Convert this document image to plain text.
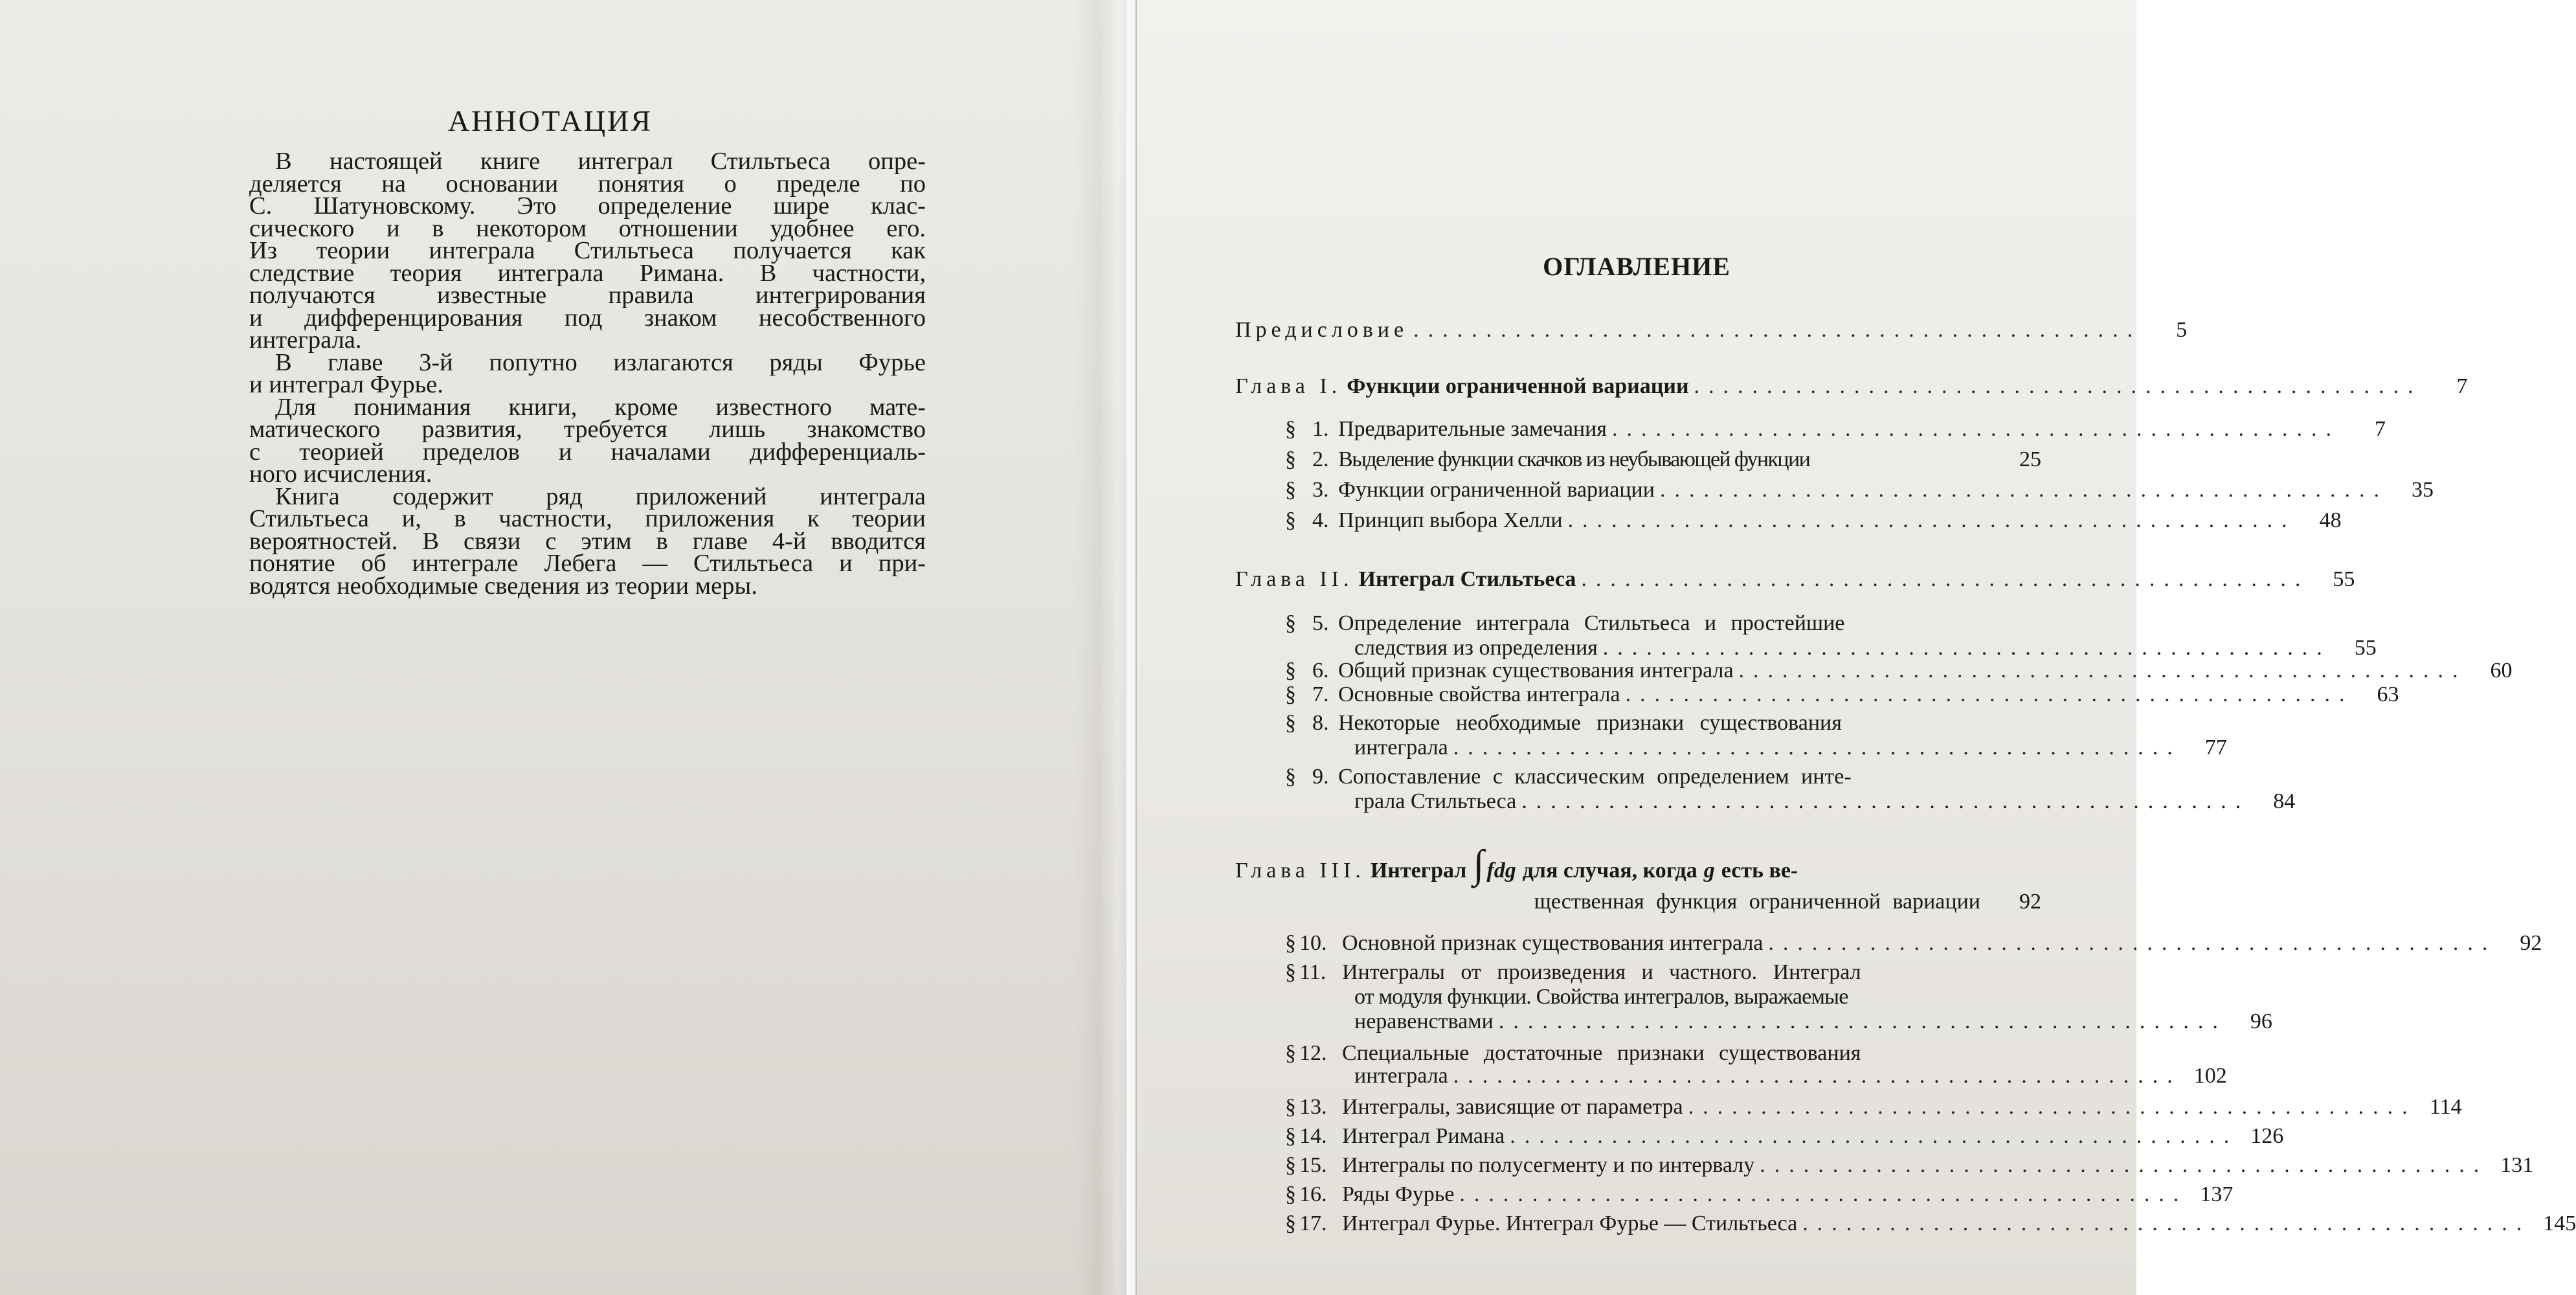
АННОТАЦИЯ
В настоящей книге интеграл Стильтьеса опре-
деляется на основании понятия о пределе по
С. Шатуновскому. Это определение шире клас-
сического и в некотором отношении удобнее его.
Из теории интеграла Стильтьеса получается как
следствие теория интеграла Римана. В частности,
получаются известные правила интегрирования
и дифференцирования под знаком несобственного
интеграла.
В главе 3-й попутно излагаются ряды Фурье
и интеграл Фурье.
Для понимания книги, кроме известного мате-
матического развития, требуется лишь знакомство
с теорией пределов и началами дифференциаль-
ного исчисления.
Книга содержит ряд приложений интеграла
Стильтьеса и, в частности, приложения к теории
вероятностей. В связи с этим в главе 4-й вводится
понятие об интеграле Лебега — Стильтьеса и при-
водятся необходимые сведения из теории меры.
ОГЛАВЛЕНИЕ
Предисловие ..................................................	5
Глава I. Функции ограниченной вариации ..................................................	7
§ 1. Предварительные замечания ..................................................	7
§ 2. Выделение функции скачков из неубывающей функции	25
§ 3. Функции ограниченной вариации ..................................................	35
§ 4. Принцип выбора Хелли ..................................................	48
Глава II. Интеграл Стильтьеса ..................................................	55
§ 5. Определение интеграла Стильтьеса и простейшие
следствия из определения ..................................................	55
§ 6. Общий признак существования интеграла ..................................................	60
§ 7. Основные свойства интеграла ..................................................	63
§ 8. Некоторые необходимые признаки существования
интеграла ..................................................	77
§ 9. Сопоставление с классическим определением инте-
грала Стильтьеса ..................................................	84
Глава III. Интеграл ∫ fdg для случая, когда g есть ве-
щественная функция ограниченной вариации	92
§ 10. Основной признак существования интеграла ..................................................	92
§ 11. Интегралы от произведения и частного. Интеграл
от модуля функции. Свойства интегралов, выражаемые
неравенствами ..................................................	96
§ 12. Специальные достаточные признаки существования
интеграла .................................................. 102
§ 13. Интегралы, зависящие от параметра .................................................. 114
§ 14. Интеграл Римана .................................................. 126
§ 15. Интегралы по полусегменту и по интервалу .................................................. 131
§ 16. Ряды Фурье .................................................. 137
§ 17. Интеграл Фурье. Интеграл Фурье — Стильтьеса .................................................. 145
